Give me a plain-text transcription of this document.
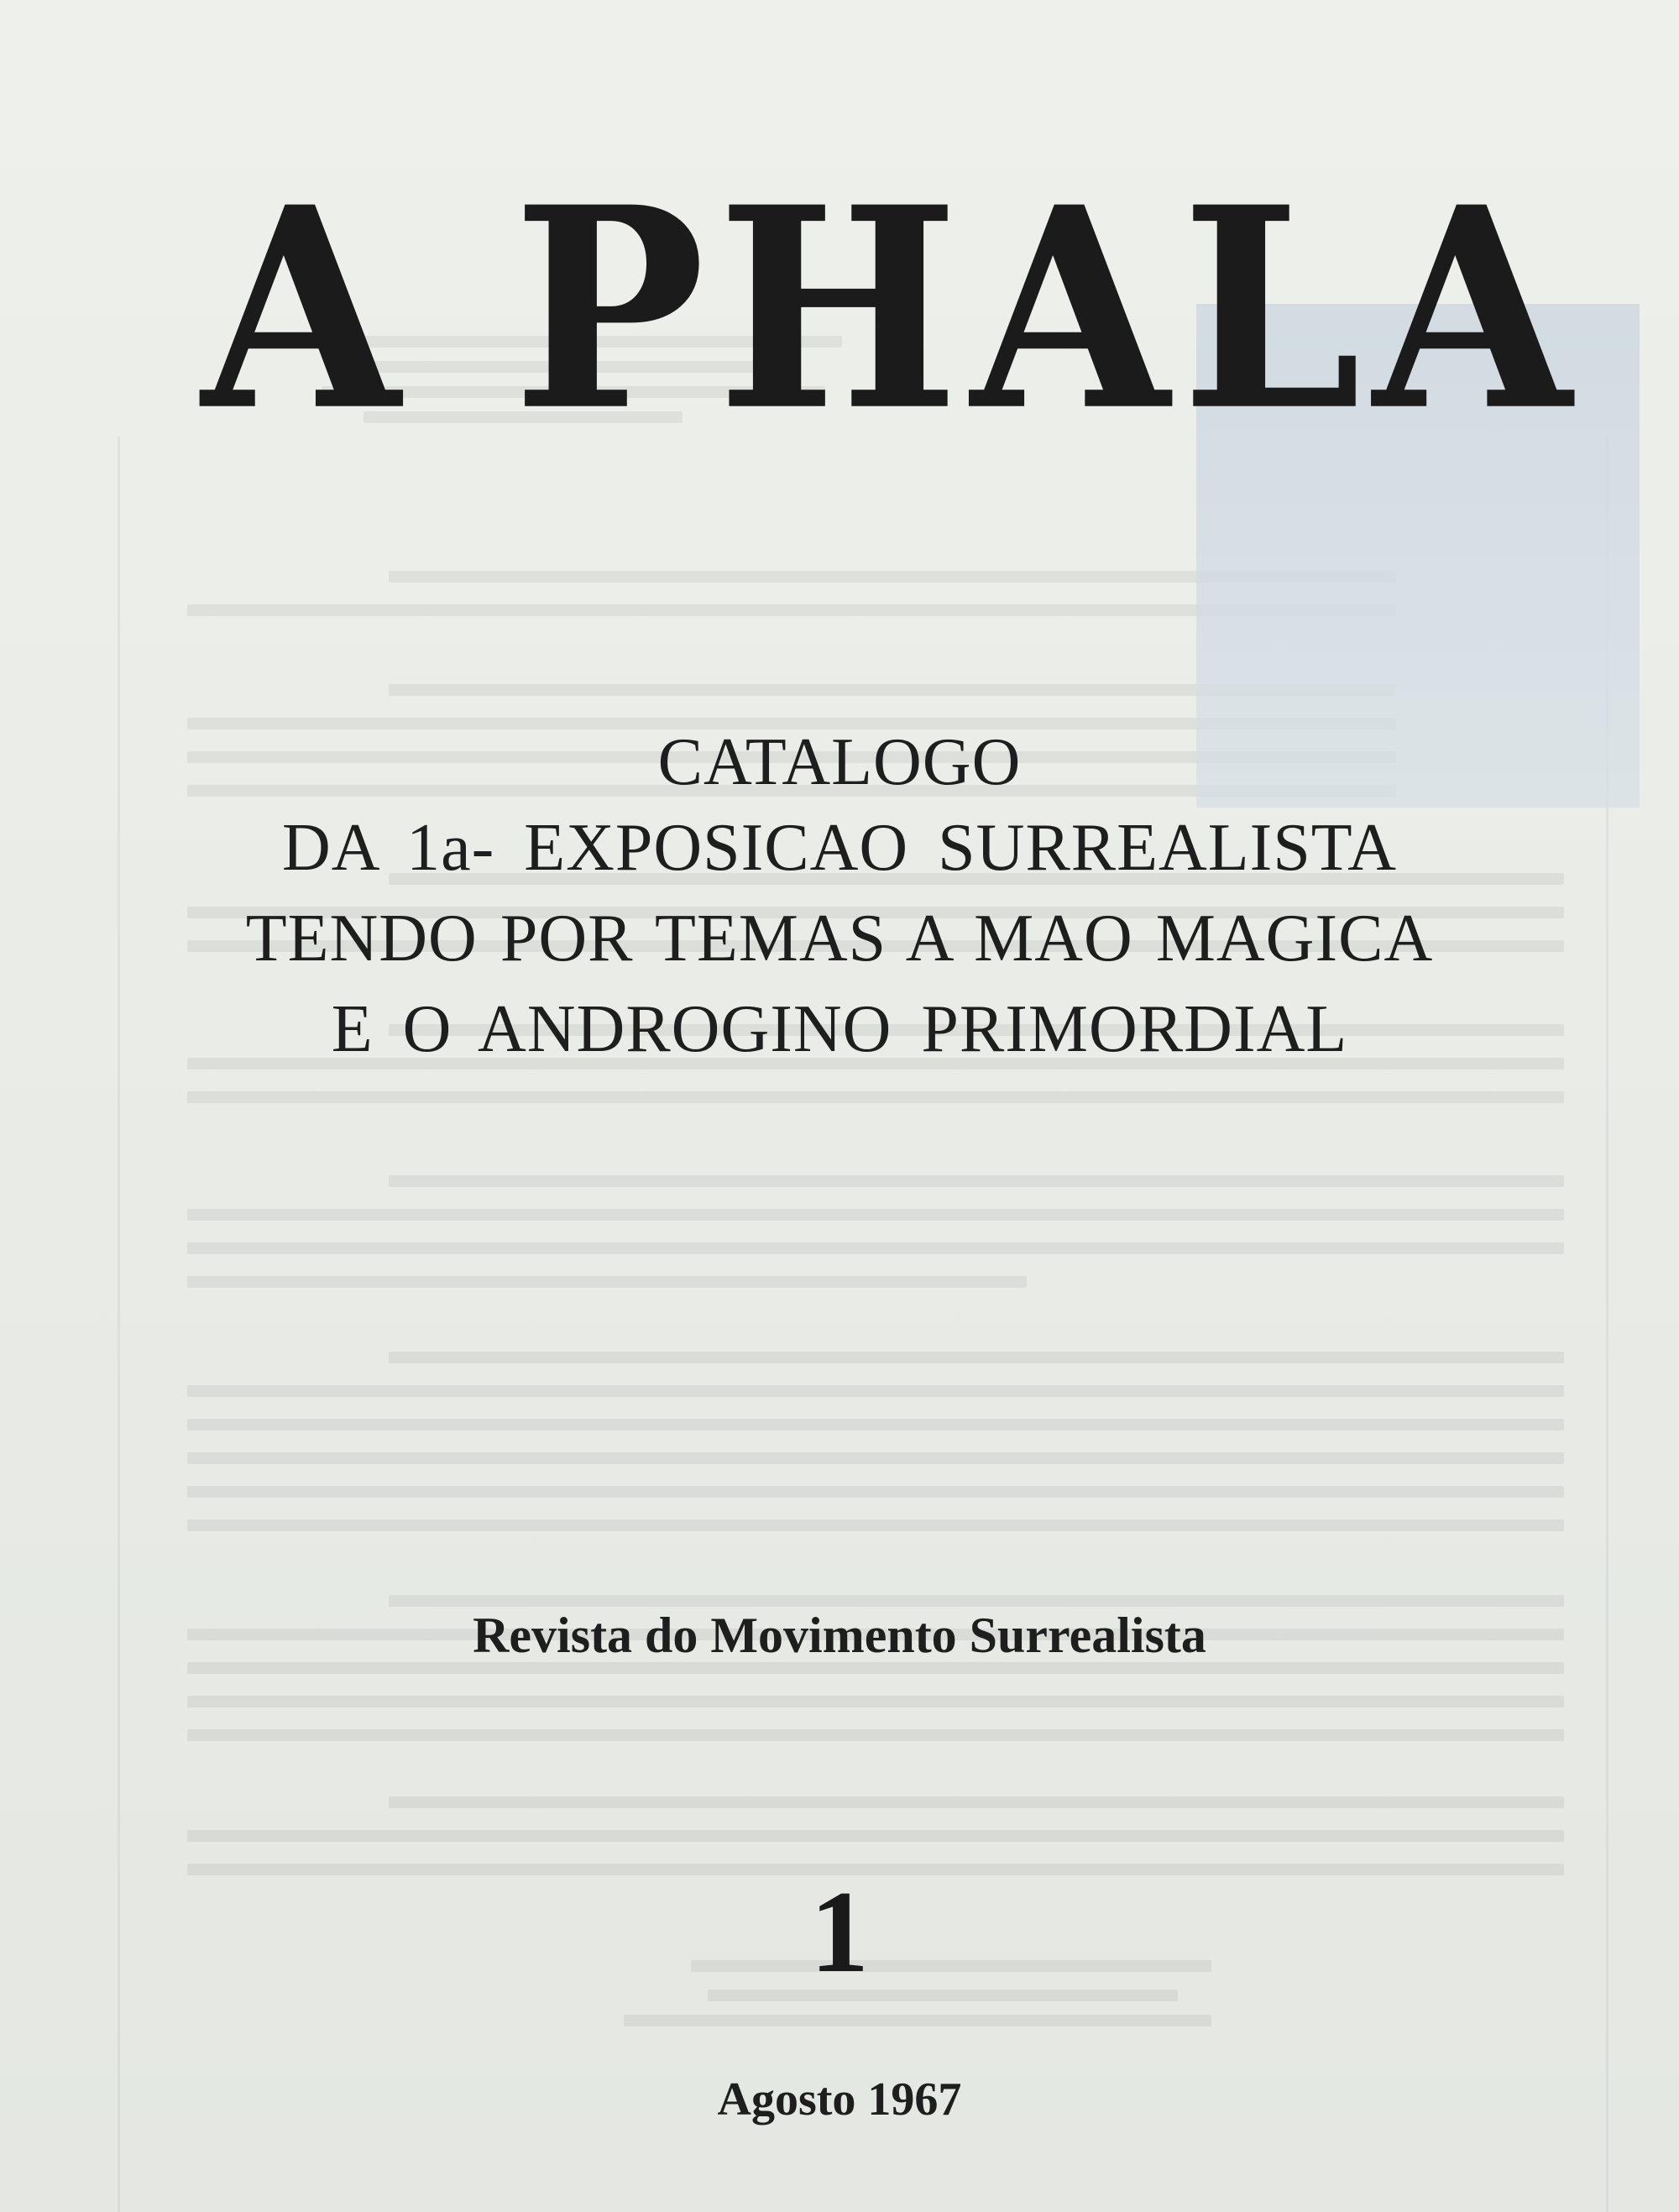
A PHALA

CATALOGO

DA 1a- EXPOSICAO SURREALISTA

TENDO POR TEMAS A MAO MAGICA

E O ANDROGINO PRIMORDIAL

Revista do Movimento Surrealista

1

Agosto 1967
